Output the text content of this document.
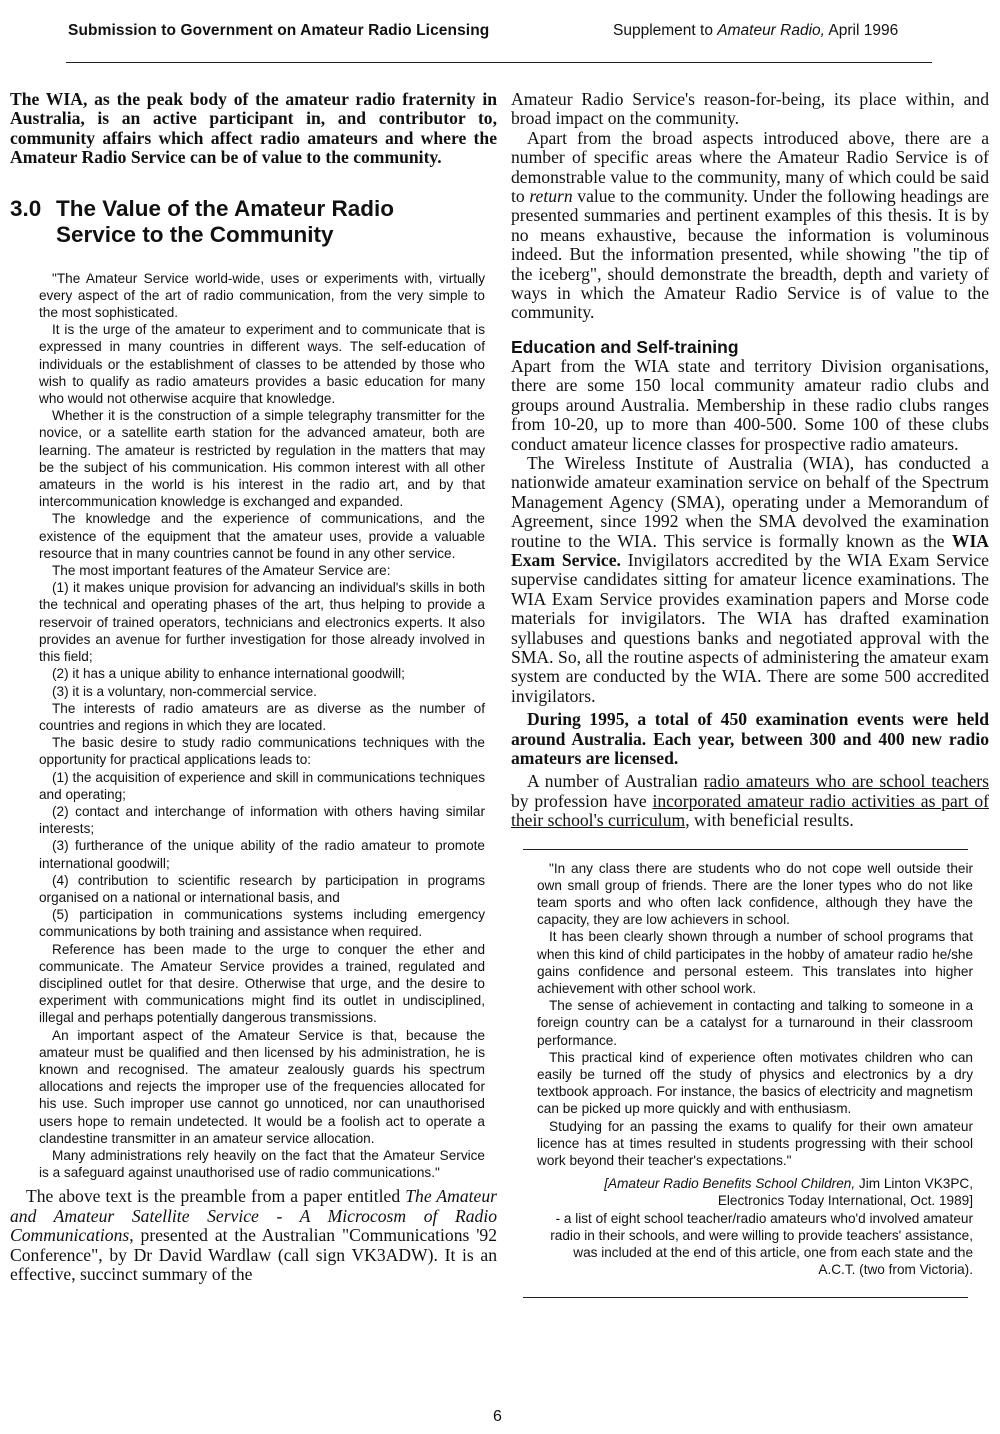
Submission to Government on Amateur Radio Licensing	Supplement to Amateur Radio, April 1996

The WIA, as the peak body of the amateur radio fraternity in Australia, is an active participant in, and contributor to, community affairs which affect radio amateurs and where the Amateur Radio Service can be of value to the community.

3.0 The Value of the Amateur Radio
Service to the Community

"The Amateur Service world-wide, uses or experiments with, virtually every aspect of the art of radio communication, from the very simple to the most sophisticated.

It is the urge of the amateur to experiment and to communicate that is expressed in many countries in different ways. The self-education of individuals or the establishment of classes to be attended by those who wish to qualify as radio amateurs provides a basic education for many who would not otherwise acquire that knowledge.

Whether it is the construction of a simple telegraphy transmitter for the novice, or a satellite earth station for the advanced amateur, both are learning. The amateur is restricted by regulation in the matters that may be the subject of his communication. His common interest with all other amateurs in the world is his interest in the radio art, and by that intercommunication knowledge is exchanged and expanded.

The knowledge and the experience of communications, and the existence of the equipment that the amateur uses, provide a valuable resource that in many countries cannot be found in any other service.

The most important features of the Amateur Service are:

(1) it makes unique provision for advancing an individual's skills in both the technical and operating phases of the art, thus helping to provide a reservoir of trained operators, technicians and electronics experts. It also provides an avenue for further investigation for those already involved in this field;

(2) it has a unique ability to enhance international goodwill;

(3) it is a voluntary, non-commercial service.

The interests of radio amateurs are as diverse as the number of countries and regions in which they are located.

The basic desire to study radio communications techniques with the opportunity for practical applications leads to:

(1) the acquisition of experience and skill in communications techniques and operating;

(2) contact and interchange of information with others having similar interests;

(3) furtherance of the unique ability of the radio amateur to promote international goodwill;

(4) contribution to scientific research by participation in programs organised on a national or international basis, and

(5) participation in communications systems including emergency communications by both training and assistance when required.

Reference has been made to the urge to conquer the ether and communicate. The Amateur Service provides a trained, regulated and disciplined outlet for that desire. Otherwise that urge, and the desire to experiment with communications might find its outlet in undisciplined, illegal and perhaps potentially dangerous transmissions.

An important aspect of the Amateur Service is that, because the amateur must be qualified and then licensed by his administration, he is known and recognised. The amateur zealously guards his spectrum allocations and rejects the improper use of the frequencies allocated for his use. Such improper use cannot go unnoticed, nor can unauthorised users hope to remain undetected. It would be a foolish act to operate a clandestine transmitter in an amateur service allocation.

Many administrations rely heavily on the fact that the Amateur Service is a safeguard against unauthorised use of radio communications."

The above text is the preamble from a paper entitled The Amateur and Amateur Satellite Service - A Microcosm of Radio Communications, presented at the Australian "Communications '92 Conference", by Dr David Wardlaw (call sign VK3ADW). It is an effective, succinct summary of the

Amateur Radio Service's reason-for-being, its place within, and broad impact on the community.

Apart from the broad aspects introduced above, there are a number of specific areas where the Amateur Radio Service is of demonstrable value to the community, many of which could be said to return value to the community. Under the following headings are presented summaries and pertinent examples of this thesis. It is by no means exhaustive, because the information is voluminous indeed. But the information presented, while showing "the tip of the iceberg", should demonstrate the breadth, depth and variety of ways in which the Amateur Radio Service is of value to the community.

Education and Self-training

Apart from the WIA state and territory Division organisations, there are some 150 local community amateur radio clubs and groups around Australia. Membership in these radio clubs ranges from 10-20, up to more than 400-500. Some 100 of these clubs conduct amateur licence classes for prospective radio amateurs.

The Wireless Institute of Australia (WIA), has conducted a nationwide amateur examination service on behalf of the Spectrum Management Agency (SMA), operating under a Memorandum of Agreement, since 1992 when the SMA devolved the examination routine to the WIA. This service is formally known as the WIA Exam Service. Invigilators accredited by the WIA Exam Service supervise candidates sitting for amateur licence examinations. The WIA Exam Service provides examination papers and Morse code materials for invigilators. The WIA has drafted examination syllabuses and questions banks and negotiated approval with the SMA. So, all the routine aspects of administering the amateur exam system are conducted by the WIA. There are some 500 accredited invigilators.

During 1995, a total of 450 examination events were held around Australia. Each year, between 300 and 400 new radio amateurs are licensed.

A number of Australian radio amateurs who are school teachers by profession have incorporated amateur radio activities as part of their school's curriculum, with beneficial results.

"In any class there are students who do not cope well outside their own small group of friends. There are the loner types who do not like team sports and who often lack confidence, although they have the capacity, they are low achievers in school.

It has been clearly shown through a number of school programs that when this kind of child participates in the hobby of amateur radio he/she gains confidence and personal esteem. This translates into higher achievement with other school work.

The sense of achievement in contacting and talking to someone in a foreign country can be a catalyst for a turnaround in their classroom performance.

This practical kind of experience often motivates children who can easily be turned off the study of physics and electronics by a dry textbook approach. For instance, the basics of electricity and magnetism can be picked up more quickly and with enthusiasm.

Studying for an passing the exams to qualify for their own amateur licence has at times resulted in students progressing with their school work beyond their teacher's expectations."

[Amateur Radio Benefits School Children, Jim Linton VK3PC, Electronics Today International, Oct. 1989]

- a list of eight school teacher/radio amateurs who'd involved amateur radio in their schools, and were willing to provide teachers' assistance, was included at the end of this article, one from each state and the A.C.T. (two from Victoria).

6
